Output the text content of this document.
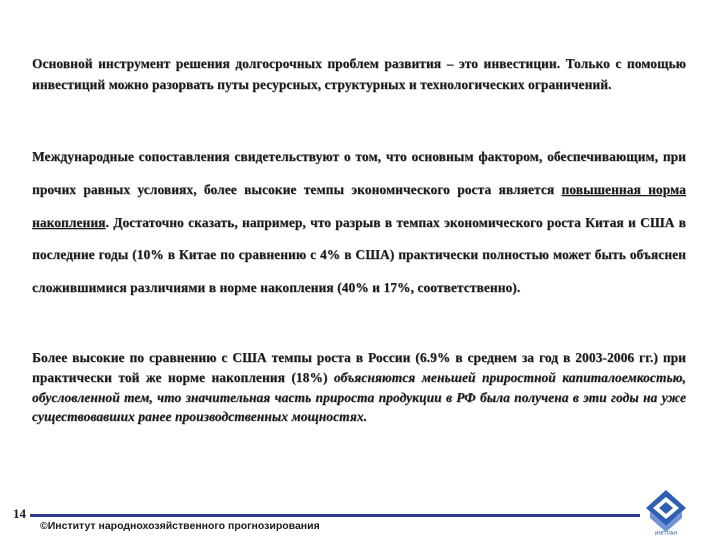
Основной инструмент решения долгосрочных проблем развития – это инвестиции. Только с помощью инвестиций можно разорвать путы ресурсных, структурных и технологических ограничений.
Международные сопоставления свидетельствуют о том, что основным фактором, обеспечивающим, при прочих равных условиях, более высокие темпы экономического роста является повышенная норма накопления. Достаточно сказать, например, что разрыв в темпах экономического роста Китая и США в последние годы (10% в Китае по сравнению с 4% в США) практически полностью может быть объяснен сложившимися различиями в норме накопления (40% и 17%, соответственно).
Более высокие по сравнению с США темпы роста в России (6.9% в среднем за год в 2003-2006 гг.) при практически той же норме накопления (18%) объясняются меньшей приростной капиталоемкостью, обусловленной тем, что значительная часть прироста продукции в РФ была получена в эти годы на уже существовавших ранее производственных мощностях.
14
©Институт народнохозяйственного прогнозирования
ИНП РАН
